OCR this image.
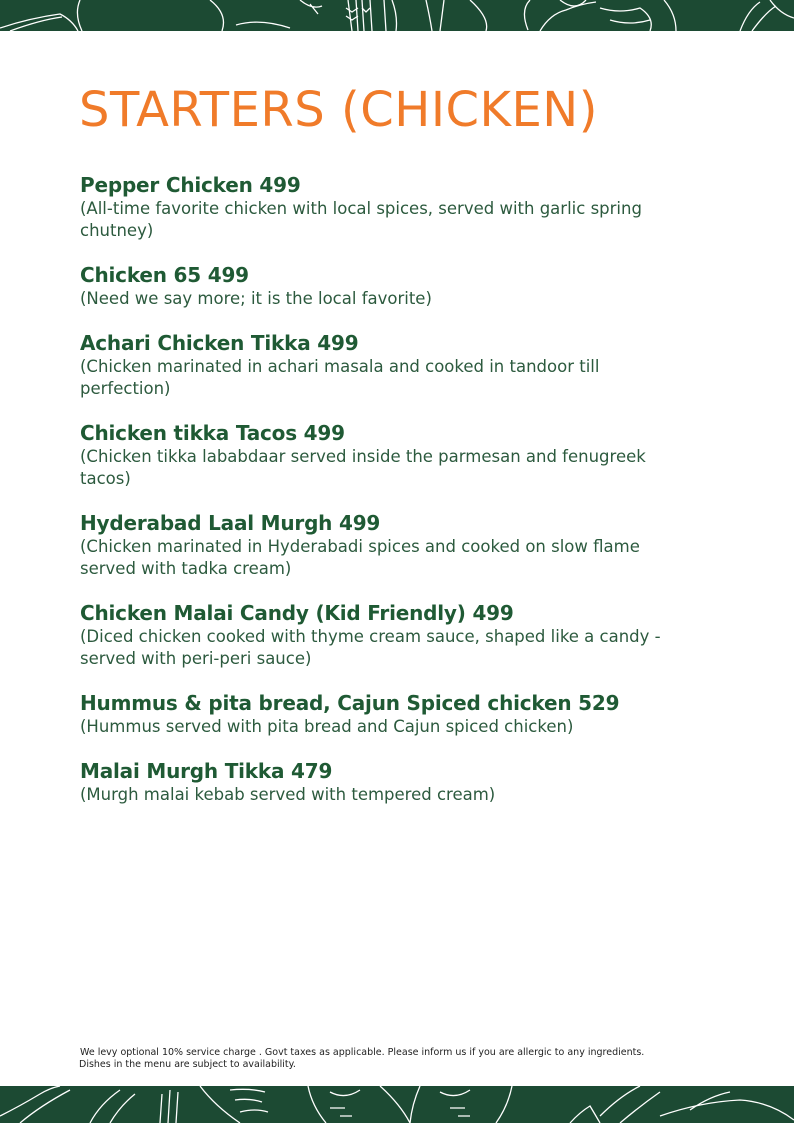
STARTERS (CHICKEN)

Pepper Chicken 499

(All-time favorite chicken with local spices, served with garlic spring chutney)

Chicken 65 499

(Need we say more; it is the local favorite)

Achari Chicken Tikka 499

(Chicken marinated in achari masala and cooked in tandoor till perfection)

Chicken tikka Tacos 499

(Chicken tikka lababdaar served inside the parmesan and fenugreek tacos)

Hyderabad Laal Murgh 499

(Chicken marinated in Hyderabadi spices and cooked on slow flame served with tadka cream)

Chicken Malai Candy (Kid Friendly) 499

(Diced chicken cooked with thyme cream sauce, shaped like a candy - served with peri-peri sauce)

Hummus & pita bread, Cajun Spiced chicken 529

(Hummus served with pita bread and Cajun spiced chicken)

Malai Murgh Tikka 479

(Murgh malai kebab served with tempered cream)

We levy optional 10% service charge . Govt taxes as applicable. Please inform us if you are allergic to any ingredients.
Dishes in the menu are subject to availability.
